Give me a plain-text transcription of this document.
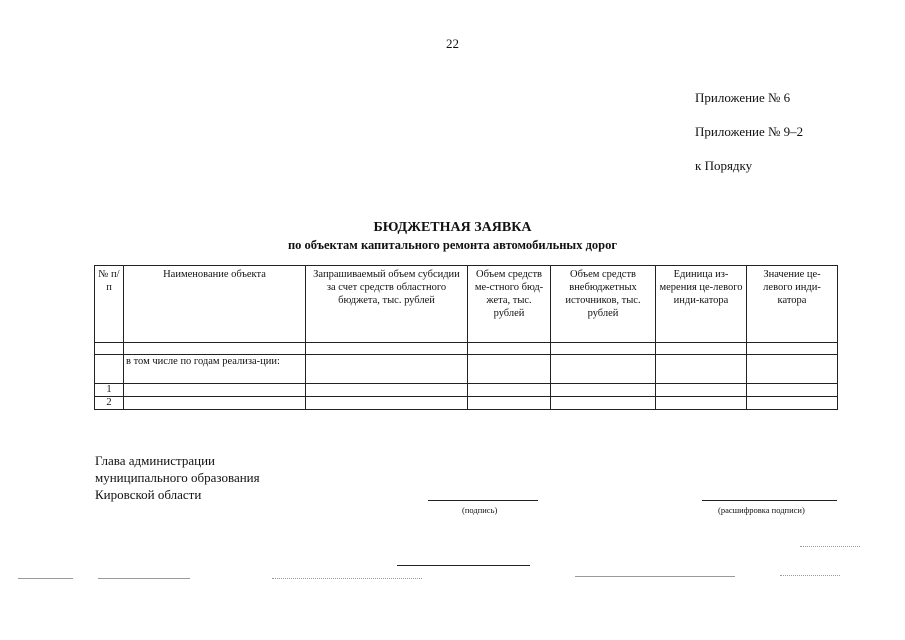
22
Приложение № 6
Приложение № 9–2
к Порядку
БЮДЖЕТНАЯ ЗАЯВКА
по объектам капитального ремонта автомобильных дорог
№ п/п	Наименование объекта	Запрашиваемый объем субсидии за счет средств областного бюджета, тыс. рублей	Объем средств ме-стного бюд-жета, тыс. рублей	Объем средств внебюджетных источников, тыс. рублей	Единица из-мерения це-левого инди-катора	Значение це-левого инди-катора

	в том числе по годам реализа-ции:					
1						
2						
Глава администрации
муниципального образования
Кировской области
(подпись)	(расшифровка подписи)
